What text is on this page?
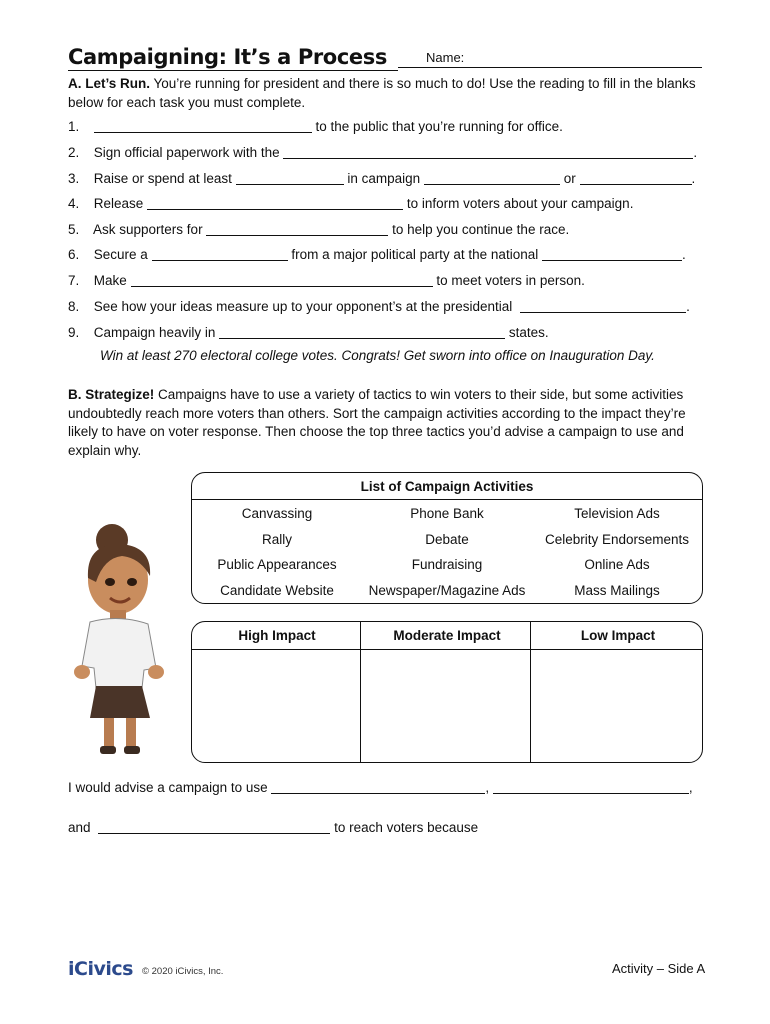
Campaigning: It’s a Process	Name:
A. Let’s Run. You’re running for president and there is so much to do! Use the reading to fill in the blanks below for each task you must complete.
1.	to the public that you’re running for office.
2. Sign official paperwork with the	.
3. Raise or spend at least	in campaign	or	.
4. Release	to inform voters about your campaign.
5. Ask supporters for	to help you continue the race.
6. Secure a	from a major political party at the national	.
7. Make	to meet voters in person.
8. See how your ideas measure up to your opponent’s at the presidential	.
9. Campaign heavily in	states.
Win at least 270 electoral college votes. Congrats! Get sworn into office on Inauguration Day.
B. Strategize! Campaigns have to use a variety of tactics to win voters to their side, but some activities undoubtedly reach more voters than others. Sort the campaign activities according to the impact they’re likely to have on voter response. Then choose the top three tactics you’d advise a campaign to use and explain why.
List of Campaign Activities
Canvassing	Phone Bank	Television Ads
Rally	Debate	Celebrity Endorsements
Public Appearances	Fundraising	Online Ads
Candidate Website	Newspaper/Magazine Ads	Mass Mailings
High Impact	Moderate Impact	Low Impact
I would advise a campaign to use	,	,
and	to reach voters because
iCivics © 2020 iCivics, Inc.	Activity – Side A
